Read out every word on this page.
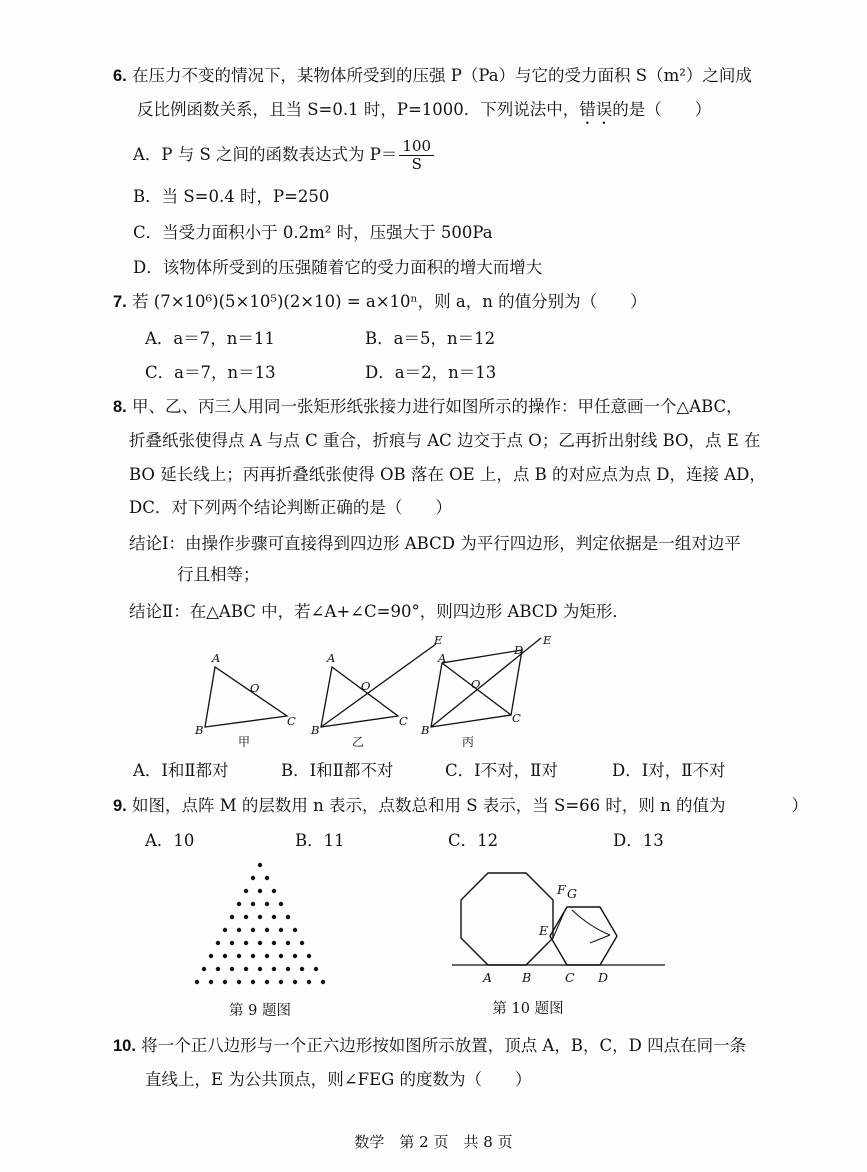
6. 在压力不变的情况下，某物体所受到的压强 P（Pa）与它的受力面积 S（m²）之间成
反比例函数关系，且当 S=0.1 时，P=1000．下列说法中，错误的是（　　）
A．P 与 S 之间的函数表达式为 $P= \frac{100}{S}$
B．当 S=0.4 时，P=250
C．当受力面积小于 0.2m² 时，压强大于 500Pa
D．该物体所受到的压强随着它的受力面积的增大而增大
7. 若 (7×10⁶)(5×10⁵)(2×10) = a×10ⁿ，则 a，n 的值分别为（　　）
A．a＝7，n＝11	B．a＝5，n＝12
C．a＝7，n＝13	D．a＝2，n＝13
8. 甲、乙、丙三人用同一张矩形纸张接力进行如图所示的操作：甲任意画一个△ABC，
折叠纸张使得点 A 与点 C 重合，折痕与 AC 边交于点 O；乙再折出射线 BO，点 E 在
BO 延长线上；丙再折叠纸张使得 OB 落在 OE 上，点 B 的对应点为点 D，连接 AD，
DC．对下列两个结论判断正确的是（　　）
结论Ⅰ：由操作步骤可直接得到四边形 ABCD 为平行四边形，判定依据是一组对边平
行且相等；
结论Ⅱ：在△ABC 中，若∠A+∠C=90°，则四边形 ABCD 为矩形．
A
B
C
O
A
B
C
O
E
A
B
C
O
D
E
甲	乙	丙
A．Ⅰ和Ⅱ都对	B．Ⅰ和Ⅱ都不对	C．Ⅰ不对，Ⅱ对	D．Ⅰ对，Ⅱ不对
9. 如图，点阵 M 的层数用 n 表示，点数总和用 S 表示，当 S=66 时，则 n 的值为　　　　）
A．10	B．11	C．12	D．13
第 9 题图
A B	C D
E
F G
第 10 题图
10. 将一个正八边形与一个正六边形按如图所示放置，顶点 A，B，C，D 四点在同一条
直线上，E 为公共顶点，则∠FEG 的度数为（　　）
数学　第 2 页　共 8 页
